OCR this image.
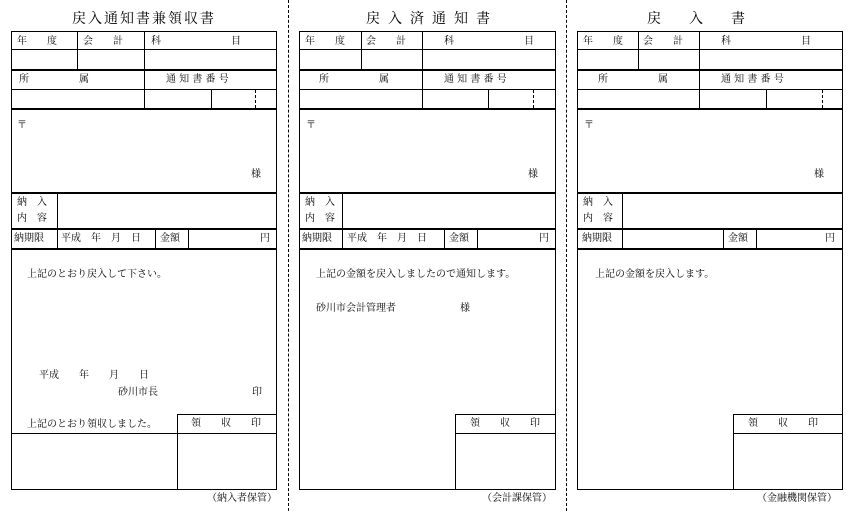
戻入通知書兼領収書
年　　度	会　　計	科　　　　　　　目
所　　　　　属	通 知 書 番 号
〒
様
納　入
内　容
納期限 平成　年　月　日 金額	円
上記のとおり戻入して下さい。
平成　　年　　月　　日
砂川市長	印
上記のとおり領収しました。	領　　収　　印
（納入者保管）
戻入済通知書
年　　度 会　　計	科　　　　　　　目
所　　　　　属	通 知 書 番 号
〒
様
納　入
内　容
納期限 平成　年　月　日 金額	円
上記の金額を戻入しましたので通知します。
砂川市会計管理者	様
領　　収　　印
（会計課保管）
戻入書
年　　度 会　　計	科　　　　　　　目
所　　　　　属	通 知 書 番 号
〒
様
納　入
内　容
納期限	金額	円
上記の金額を戻入します。
領　　収　　印
（金融機関保管）
